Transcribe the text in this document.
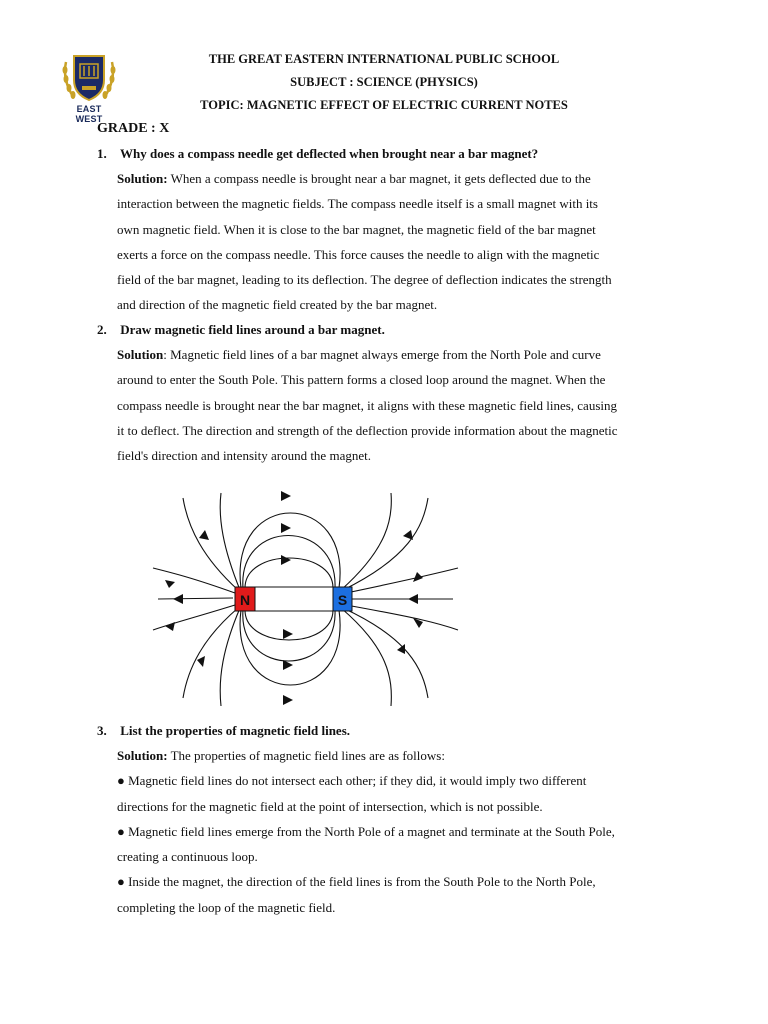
EAST WEST
THE GREAT EASTERN INTERNATIONAL PUBLIC SCHOOL
SUBJECT : SCIENCE (PHYSICS)
TOPIC: MAGNETIC EFFECT OF ELECTRIC CURRENT NOTES
GRADE : X
1. Why does a compass needle get deflected when brought near a bar magnet?
Solution: When a compass needle is brought near a bar magnet, it gets deflected due to the
interaction between the magnetic fields. The compass needle itself is a small magnet with its
own magnetic field. When it is close to the bar magnet, the magnetic field of the bar magnet
exerts a force on the compass needle. This force causes the needle to align with the magnetic
field of the bar magnet, leading to its deflection. The degree of deflection indicates the strength
and direction of the magnetic field created by the bar magnet.
2. Draw magnetic field lines around a bar magnet.
Solution: Magnetic field lines of a bar magnet always emerge from the North Pole and curve
around to enter the South Pole. This pattern forms a closed loop around the magnet. When the
compass needle is brought near the bar magnet, it aligns with these magnetic field lines, causing
it to deflect. The direction and strength of the deflection provide information about the magnetic
field's direction and intensity around the magnet.
N	S
3. List the properties of magnetic field lines.
Solution: The properties of magnetic field lines are as follows:
● Magnetic field lines do not intersect each other; if they did, it would imply two different
directions for the magnetic field at the point of intersection, which is not possible.
● Magnetic field lines emerge from the North Pole of a magnet and terminate at the South Pole,
creating a continuous loop.
● Inside the magnet, the direction of the field lines is from the South Pole to the North Pole,
completing the loop of the magnetic field.
